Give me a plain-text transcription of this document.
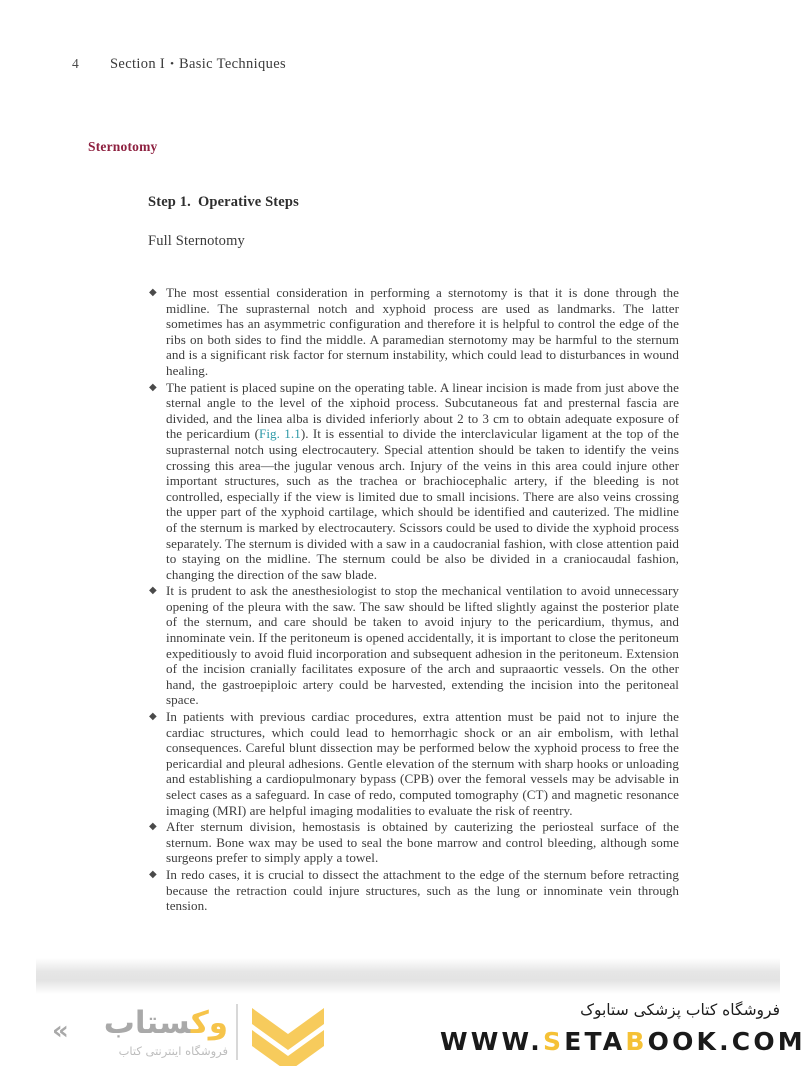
4	Section I • Basic Techniques
Sternotomy
Step 1. Operative Steps
Full Sternotomy
◆ The most essential consideration in performing a sternotomy is that it is done through the midline. The suprasternal notch and xyphoid process are used as landmarks. The latter sometimes has an asymmetric configuration and therefore it is helpful to control the edge of the ribs on both sides to find the middle. A paramedian sternotomy may be harmful to the sternum and is a significant risk factor for sternum instability, which could lead to disturbances in wound healing.
◆ The patient is placed supine on the operating table. A linear incision is made from just above the sternal angle to the level of the xiphoid process. Subcutaneous fat and presternal fascia are divided, and the linea alba is divided inferiorly about 2 to 3 cm to obtain adequate exposure of the pericardium (Fig. 1.1). It is essential to divide the interclavicular ligament at the top of the suprasternal notch using electrocautery. Special attention should be taken to identify the veins crossing this area—the jugular venous arch. Injury of the veins in this area could injure other important structures, such as the trachea or brachiocephalic artery, if the bleeding is not controlled, especially if the view is limited due to small incisions. There are also veins crossing the upper part of the xyphoid cartilage, which should be identified and cauterized. The midline of the sternum is marked by electrocautery. Scissors could be used to divide the xyphoid process separately. The sternum is divided with a saw in a caudocranial fashion, with close attention paid to staying on the midline. The sternum could be also be divided in a craniocaudal fashion, changing the direction of the saw blade.
◆ It is prudent to ask the anesthesiologist to stop the mechanical ventilation to avoid unnecessary opening of the pleura with the saw. The saw should be lifted slightly against the posterior plate of the sternum, and care should be taken to avoid injury to the pericardium, thymus, and innominate vein. If the peritoneum is opened accidentally, it is important to close the peritoneum expeditiously to avoid fluid incorporation and subsequent adhesion in the peritoneum. Extension of the incision cranially facilitates exposure of the arch and supraaortic vessels. On the other hand, the gastroepiploic artery could be harvested, extending the incision into the peritoneal space.
◆ In patients with previous cardiac procedures, extra attention must be paid not to injure the cardiac structures, which could lead to hemorrhagic shock or an air embolism, with lethal consequences. Careful blunt dissection may be performed below the xyphoid process to free the pericardial and pleural adhesions. Gentle elevation of the sternum with sharp hooks or unloading and establishing a cardiopulmonary bypass (CPB) over the femoral vessels may be advisable in select cases as a safeguard. In case of redo, computed tomography (CT) and magnetic resonance imaging (MRI) are helpful imaging modalities to evaluate the risk of reentry.
◆ After sternum division, hemostasis is obtained by cauterizing the periosteal surface of the sternum. Bone wax may be used to seal the bone marrow and control bleeding, although some surgeons prefer to simply apply a towel.
◆ In redo cases, it is crucial to dissect the attachment to the edge of the sternum before retracting because the retraction could injure structures, such as the lung or innominate vein through tension.
«	وکستاب
فروشگاه اینترنتی کتاب
فروشگاه کتاب پزشکی ستابوک
WWW.SETABOOK.COM
